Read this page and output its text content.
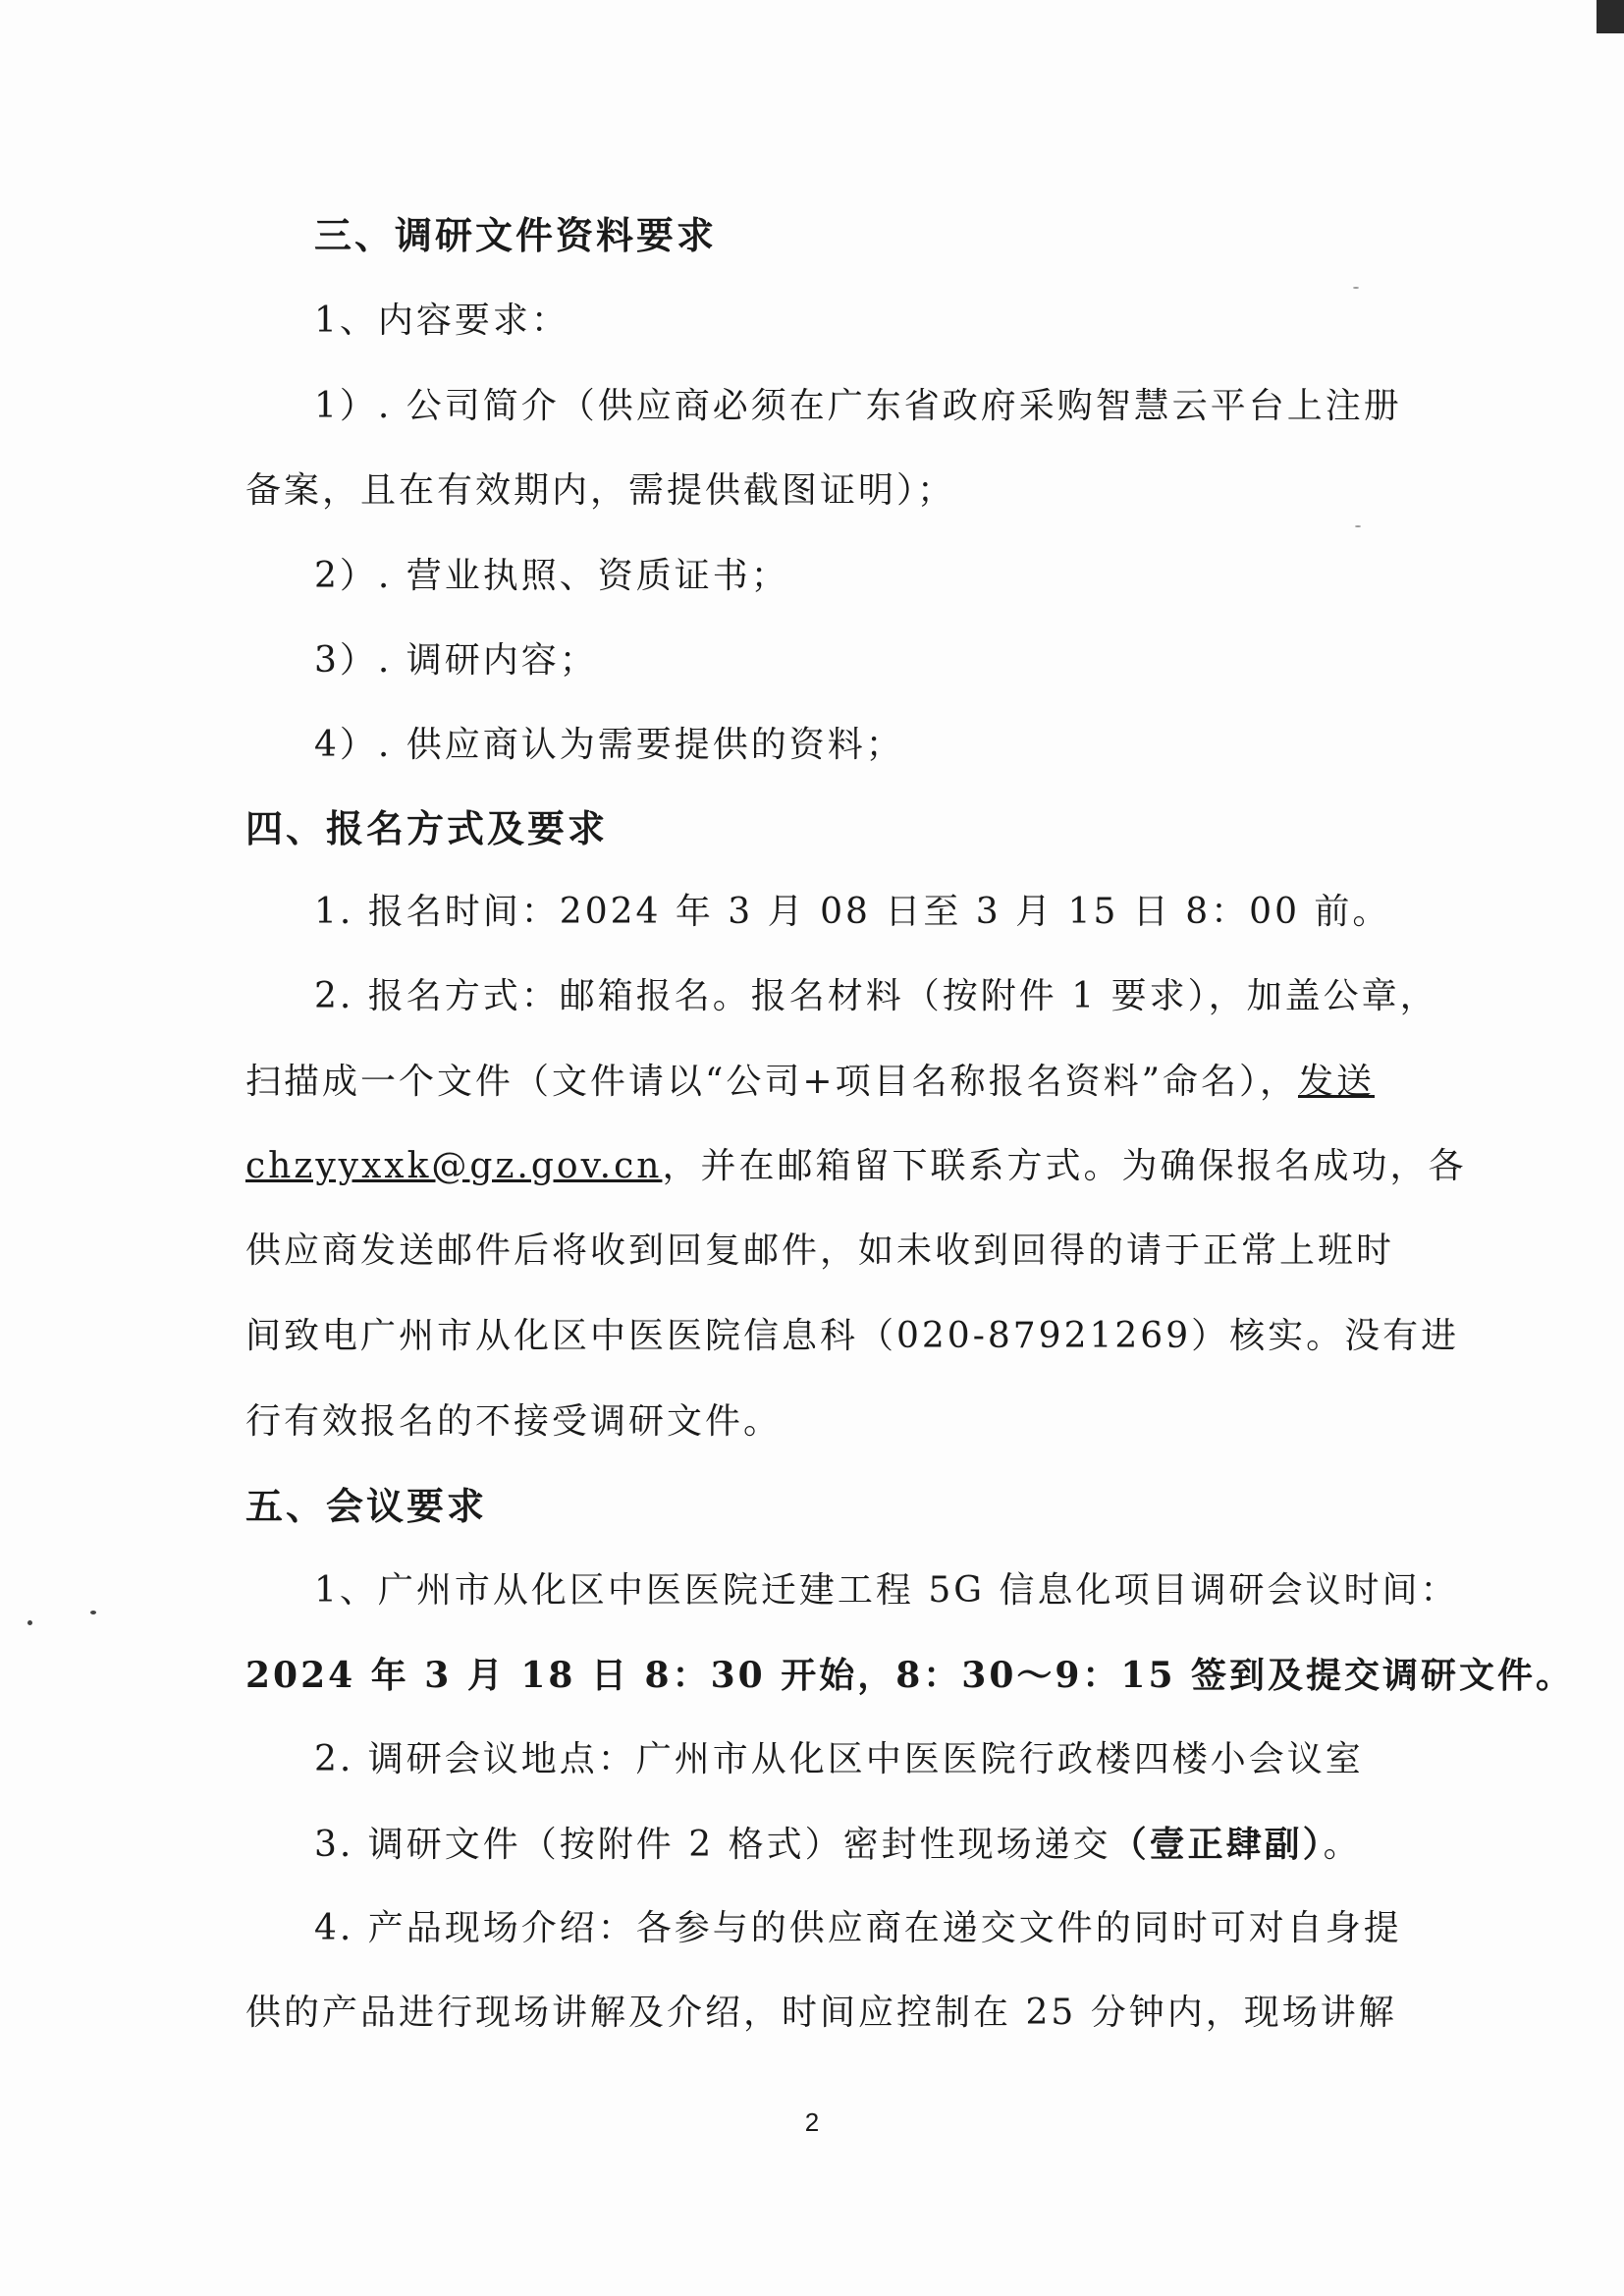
三、调研文件资料要求
1、内容要求：
1）. 公司简介（供应商必须在广东省政府采购智慧云平台上注册
备案，且在有效期内，需提供截图证明）；
2）. 营业执照、资质证书；
3）. 调研内容；
4）. 供应商认为需要提供的资料；
四、报名方式及要求
1. 报名时间：2024 年 3 月 08 日至 3 月 15 日 8：00 前。
2. 报名方式：邮箱报名。报名材料（按附件 1 要求），加盖公章，
扫描成一个文件（文件请以“公司+项目名称报名资料”命名），发送
chzyyxxk@gz.gov.cn，并在邮箱留下联系方式。为确保报名成功，各
供应商发送邮件后将收到回复邮件，如未收到回得的请于正常上班时
间致电广州市从化区中医医院信息科（020-87921269）核实。没有进
行有效报名的不接受调研文件。
五、会议要求
1、广州市从化区中医医院迁建工程 5G 信息化项目调研会议时间：
2024 年 3 月 18 日 8：30 开始，8：30～9：15 签到及提交调研文件。
2. 调研会议地点：广州市从化区中医医院行政楼四楼小会议室
3. 调研文件（按附件 2 格式）密封性现场递交（壹正肆副）。
4. 产品现场介绍：各参与的供应商在递交文件的同时可对自身提
供的产品进行现场讲解及介绍，时间应控制在 25 分钟内，现场讲解
2
